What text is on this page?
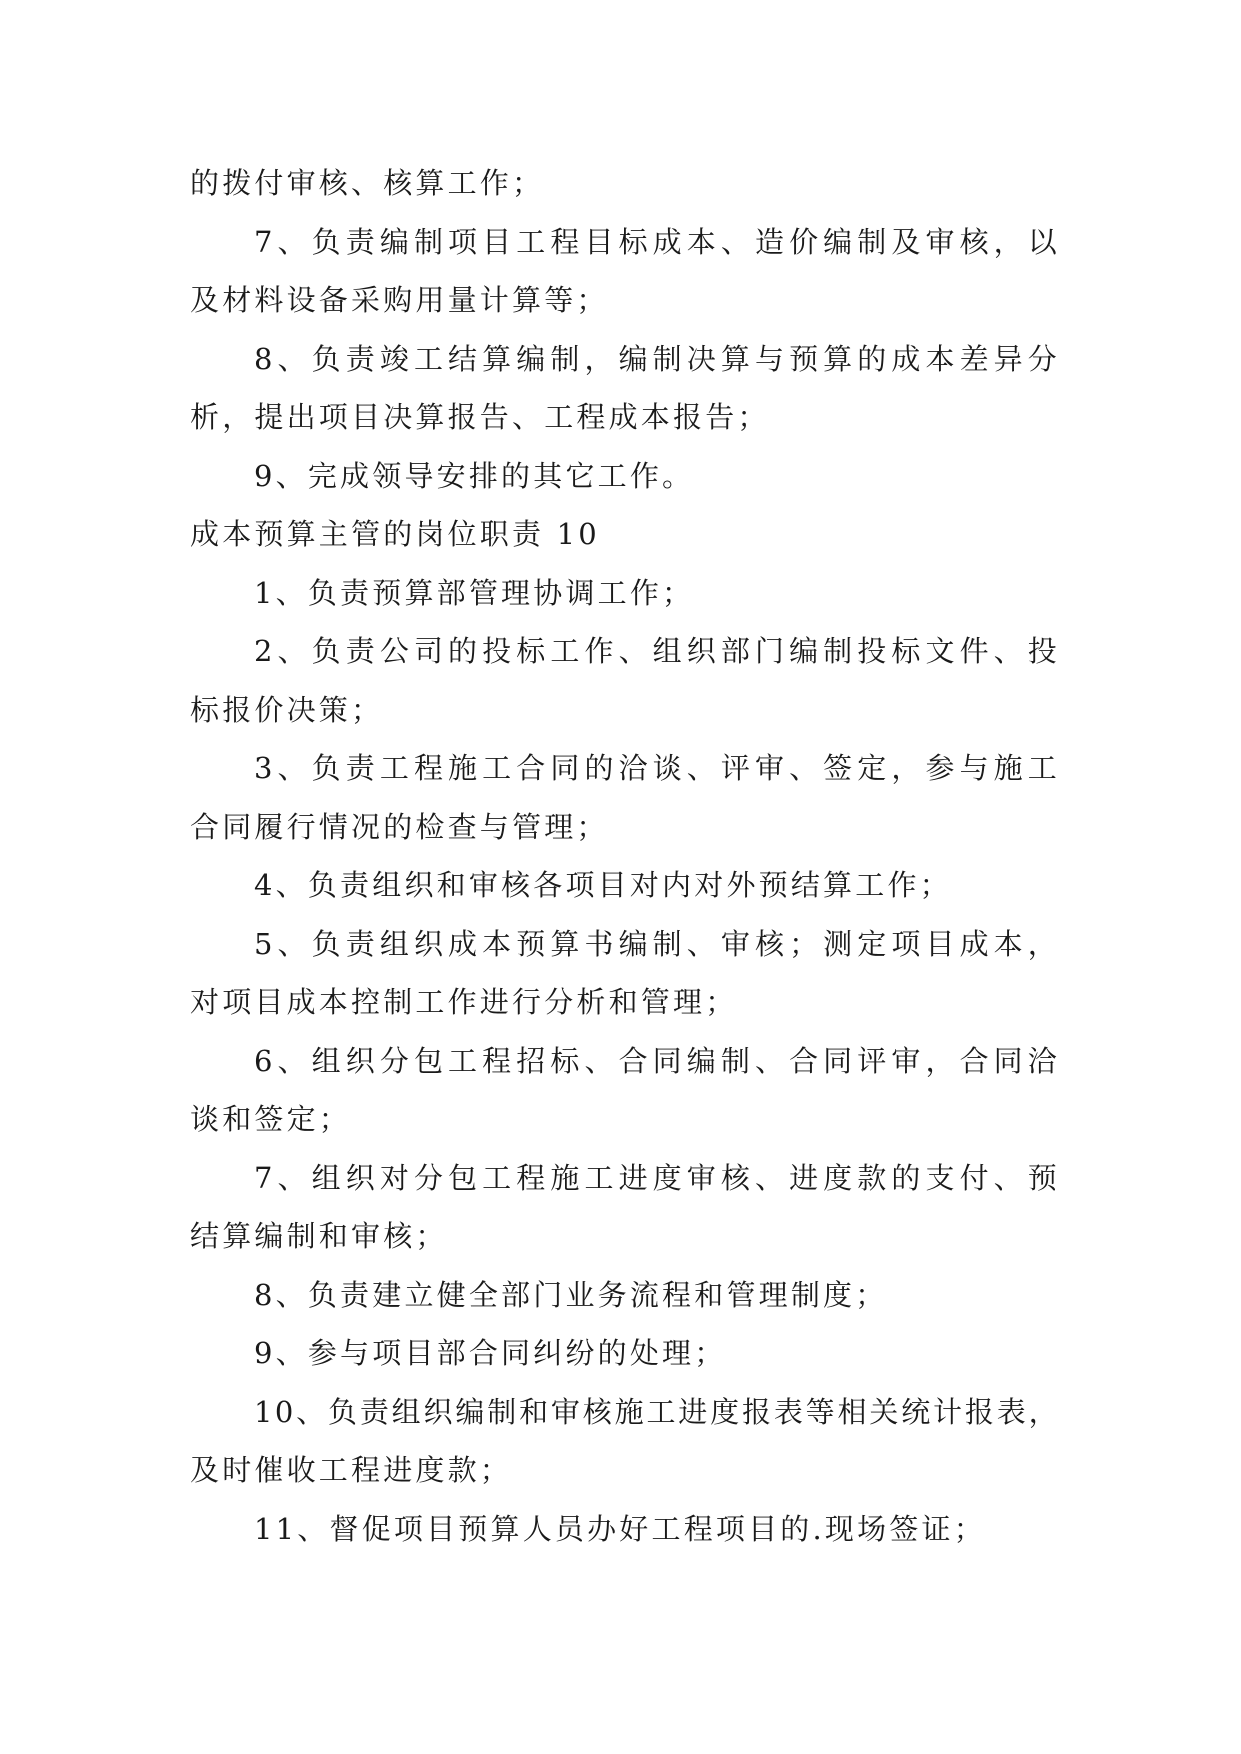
的拨付审核、核算工作；
7、负责编制项目工程目标成本、造价编制及审核，以
及材料设备采购用量计算等；
8、负责竣工结算编制，编制决算与预算的成本差异分
析，提出项目决算报告、工程成本报告；
9、完成领导安排的其它工作。
成本预算主管的岗位职责 10
1、负责预算部管理协调工作；
2、负责公司的投标工作、组织部门编制投标文件、投
标报价决策；
3、负责工程施工合同的洽谈、评审、签定，参与施工
合同履行情况的检查与管理；
4、负责组织和审核各项目对内对外预结算工作；
5、负责组织成本预算书编制、审核；测定项目成本，
对项目成本控制工作进行分析和管理；
6、组织分包工程招标、合同编制、合同评审，合同洽
谈和签定；
7、组织对分包工程施工进度审核、进度款的支付、预
结算编制和审核；
8、负责建立健全部门业务流程和管理制度；
9、参与项目部合同纠纷的处理；
10、负责组织编制和审核施工进度报表等相关统计报表，
及时催收工程进度款；
11、督促项目预算人员办好工程项目的.现场签证；
